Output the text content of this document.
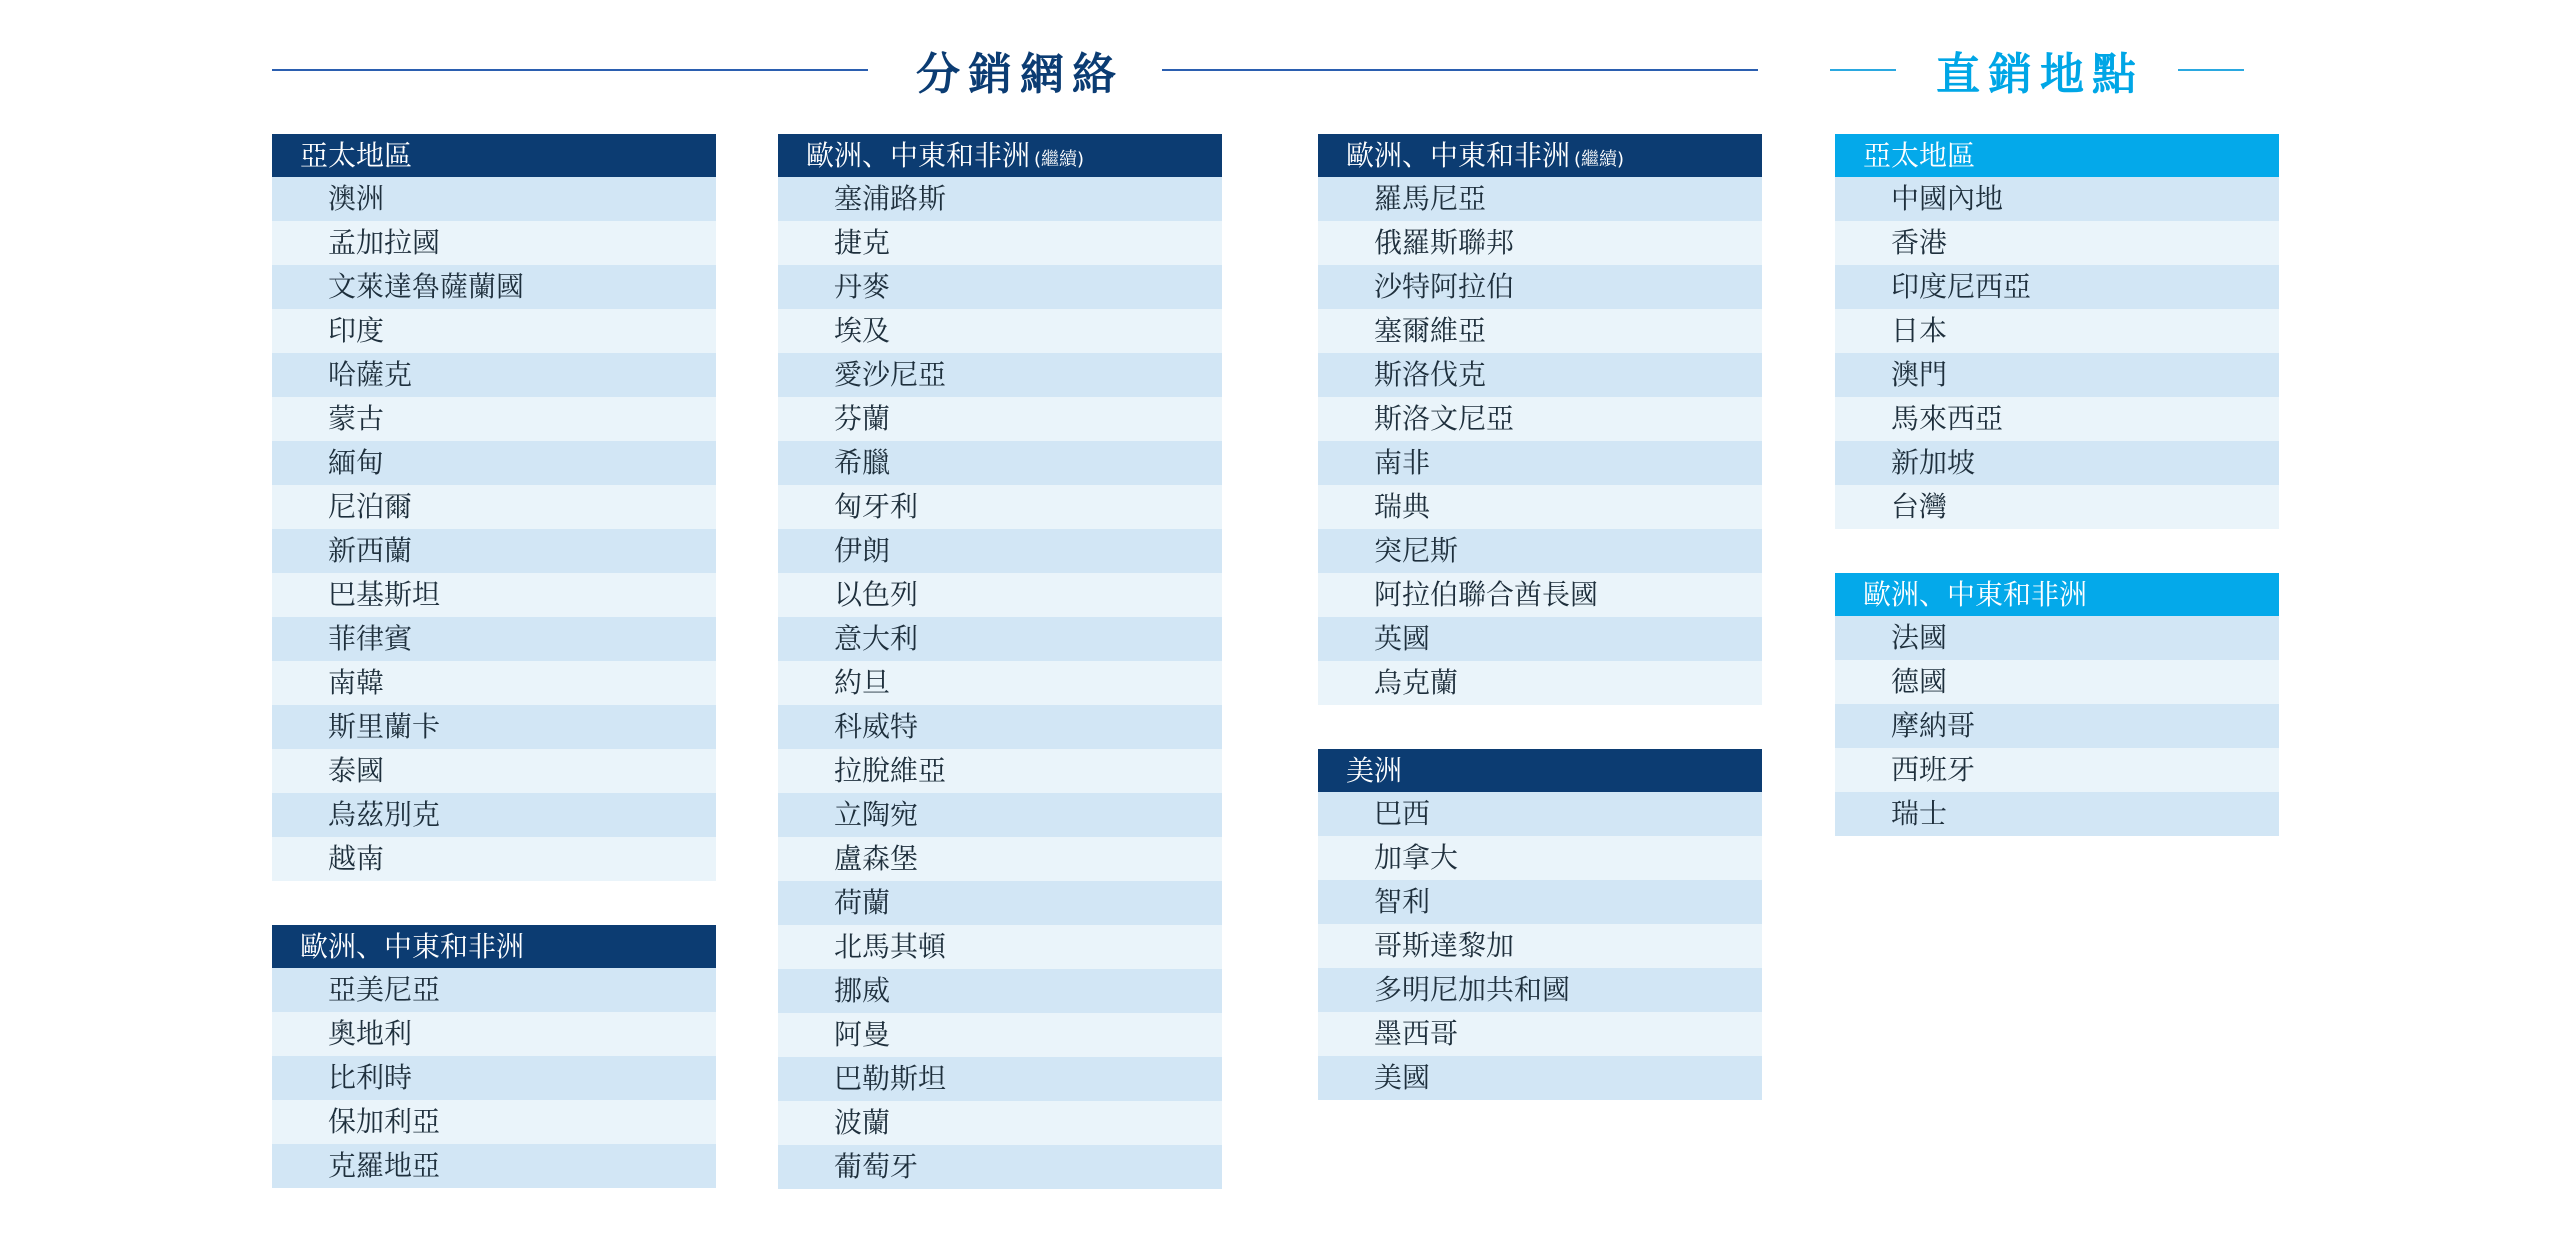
分銷網絡	直銷地點
亞太地區
澳洲
孟加拉國
文萊達魯薩蘭國
印度
哈薩克
蒙古
緬甸
尼泊爾
新西蘭
巴基斯坦
菲律賓
南韓
斯里蘭卡
泰國
烏茲別克
越南
歐洲、中東和非洲
亞美尼亞
奧地利
比利時
保加利亞
克羅地亞
歐洲、中東和非洲 (繼續)
塞浦路斯
捷克
丹麥
埃及
愛沙尼亞
芬蘭
希臘
匈牙利
伊朗
以色列
意大利
約旦
科威特
拉脫維亞
立陶宛
盧森堡
荷蘭
北馬其頓
挪威
阿曼
巴勒斯坦
波蘭
葡萄牙
歐洲、中東和非洲 (繼續)
羅馬尼亞
俄羅斯聯邦
沙特阿拉伯
塞爾維亞
斯洛伐克
斯洛文尼亞
南非
瑞典
突尼斯
阿拉伯聯合酋長國
英國
烏克蘭
美洲
巴西
加拿大
智利
哥斯達黎加
多明尼加共和國
墨西哥
美國
亞太地區
中國內地
香港
印度尼西亞
日本
澳門
馬來西亞
新加坡
台灣
歐洲、中東和非洲
法國
德國
摩納哥
西班牙
瑞士
